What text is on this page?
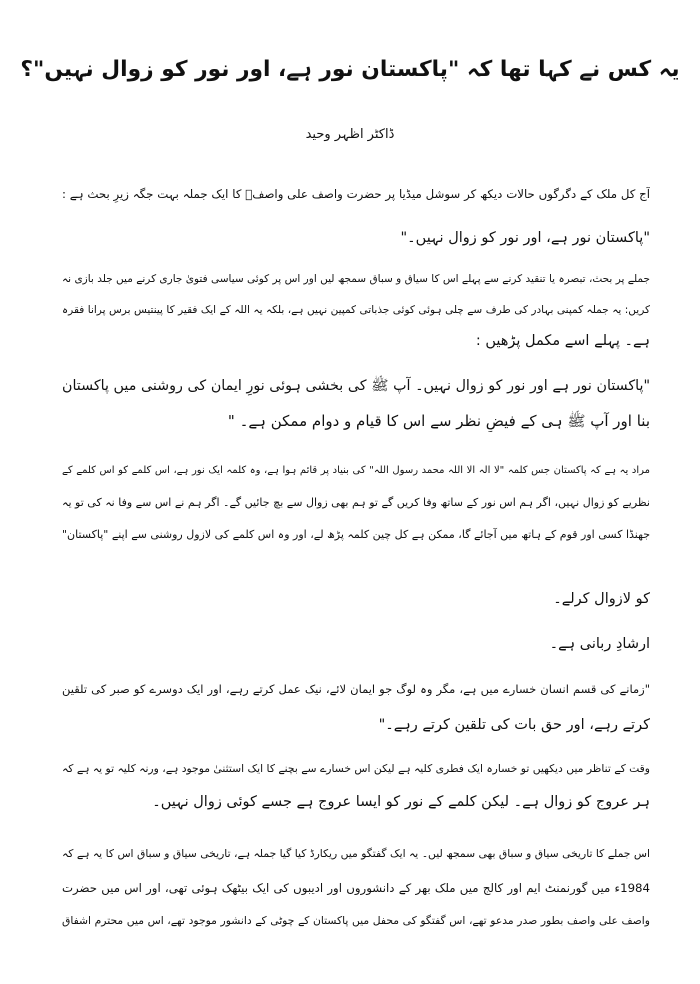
یہ کس نے کہا تھا کہ "پاکستان نور ہے، اور نور کو زوال نہیں"؟
ڈاکٹر اظہر وحید
آج کل ملک کے دگرگوں حالات دیکھ کر سوشل میڈیا پر حضرت واصف علی واصفؒ کا ایک جملہ بہت جگہ زیرِ بحث ہے :
"پاکستان نور ہے، اور نور کو زوال نہیں۔"
جملے پر بحث، تبصرہ یا تنقید کرنے سے پہلے اس کا سیاق و سباق سمجھ لیں اور اس پر کوئی سیاسی فتویٰ جاری کرنے میں جلد بازی نہ
کریں: یہ جملہ کمپنی بہادر کی طرف سے چلی ہوئی کوئی جذباتی کمپین نہیں ہے، بلکہ یہ اللہ کے ایک فقیر کا پینتیس برس پرانا فقرہ
ہے۔ پہلے اسے مکمل پڑھیں :
"پاکستان نور ہے اور نور کو زوال نہیں۔ آپ ﷺ کی بخشی ہوئی نورِ ایمان کی روشنی میں پاکستان
بنا اور آپ ﷺ ہی کے فیضِ نظر سے اس کا قیام و دوام ممکن ہے۔ "
مراد یہ ہے کہ پاکستان جس کلمہ "لا الہ الا اللہ محمد رسول اللہ" کی بنیاد پر قائم ہوا ہے، وہ کلمہ ایک نور ہے، اس کلمے کو اس کلمے کے
نظریے کو زوال نہیں، اگر ہم اس نور کے ساتھ وفا کریں گے تو ہم بھی زوال سے بچ جائیں گے۔ اگر ہم نے اس سے وفا نہ کی تو یہ
جھنڈا کسی اور قوم کے ہاتھ میں آجائے گا، ممکن ہے کل چین کلمہ پڑھ لے، اور وہ اس کلمے کی لازول روشنی سے اپنے "پاکستان"
کو لازوال کرلے۔
ارشادِ ربانی ہے۔
"زمانے کی قسم انسان خسارے میں ہے، مگر وہ لوگ جو ایمان لائے، نیک عمل کرتے رہے، اور ایک دوسرے کو صبر کی تلقین
کرتے رہے، اور حق بات کی تلقین کرتے رہے۔"
وقت کے تناظر میں دیکھیں تو خسارہ ایک فطری کلیہ ہے لیکن اس خسارے سے بچنے کا ایک استثنیٰ موجود ہے، ورنہ کلیہ تو یہ ہے کہ
ہر عروج کو زوال ہے۔ لیکن کلمے کے نور کو ایسا عروج ہے جسے کوئی زوال نہیں۔
اس جملے کا تاریخی سیاق و سباق بھی سمجھ لیں۔ یہ ایک گفتگو میں ریکارڈ کیا گیا جملہ ہے، تاریخی سیاق و سباق اس کا یہ ہے کہ
1984ء میں گورنمنٹ ایم اور کالج میں ملک بھر کے دانشوروں اور ادیبوں کی ایک بیٹھک ہوئی تھی، اور اس میں حضرت
واصف علی واصف بطور صدر مدعو تھے، اس گفتگو کی محفل میں پاکستان کے چوٹی کے دانشور موجود تھے، اس میں محترم اشفاق
